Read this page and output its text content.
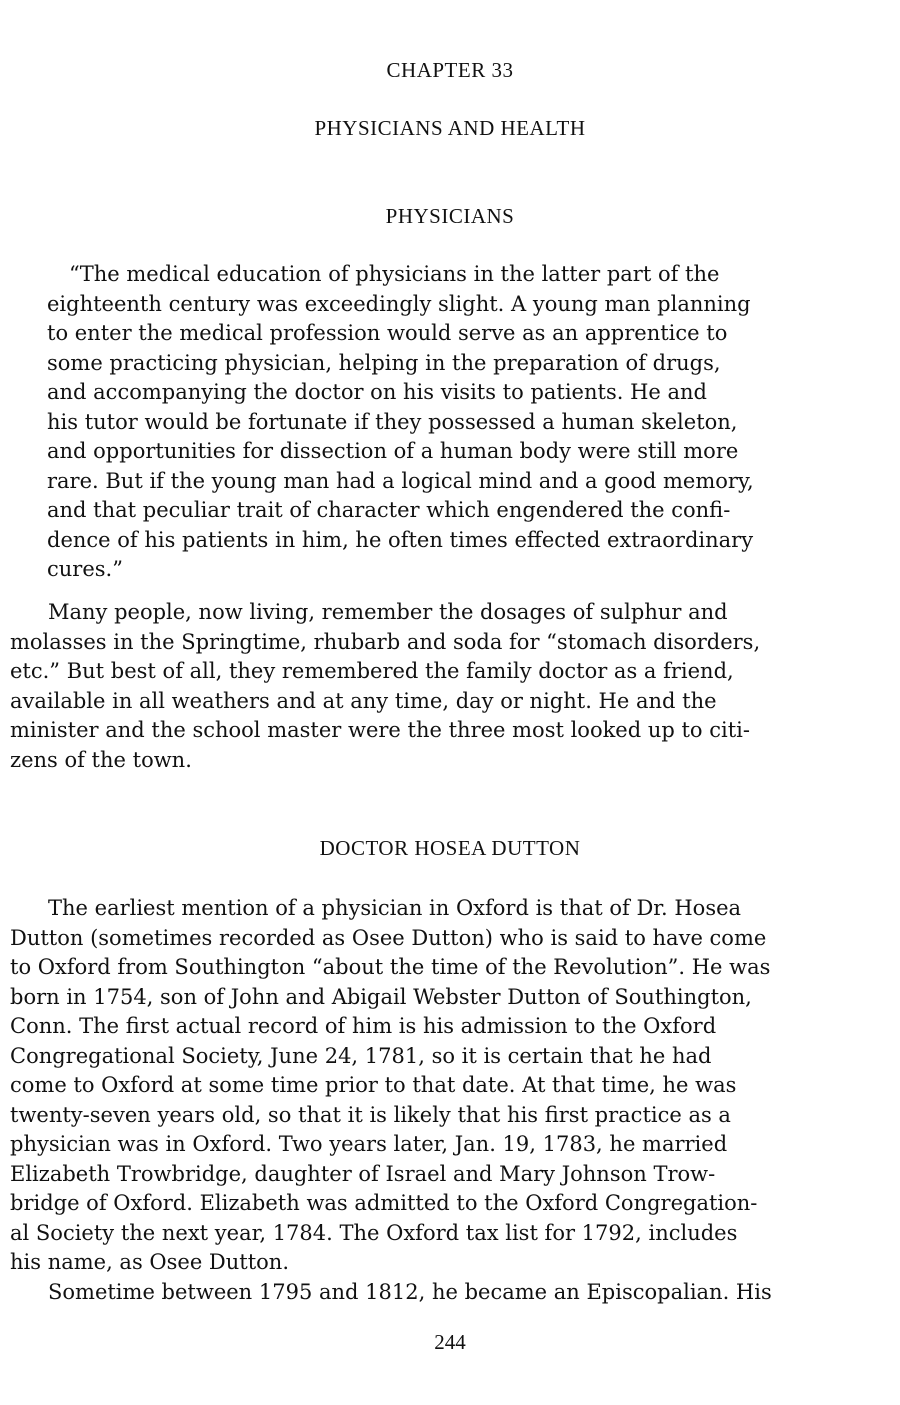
CHAPTER 33
PHYSICIANS AND HEALTH
PHYSICIANS
“The medical education of physicians in the latter part of the
eighteenth century was exceedingly slight. A young man planning
to enter the medical profession would serve as an apprentice to
some practicing physician, helping in the preparation of drugs,
and accompanying the doctor on his visits to patients. He and
his tutor would be fortunate if they possessed a human skeleton,
and opportunities for dissection of a human body were still more
rare. But if the young man had a logical mind and a good memory,
and that peculiar trait of character which engendered the confi-
dence of his patients in him, he often times effected extraordinary
cures.”
Many people, now living, remember the dosages of sulphur and
molasses in the Springtime, rhubarb and soda for “stomach disorders,
etc.” But best of all, they remembered the family doctor as a friend,
available in all weathers and at any time, day or night. He and the
minister and the school master were the three most looked up to citi-
zens of the town.
DOCTOR HOSEA DUTTON
The earliest mention of a physician in Oxford is that of Dr. Hosea
Dutton (sometimes recorded as Osee Dutton) who is said to have come
to Oxford from Southington “about the time of the Revolution”. He was
born in 1754, son of John and Abigail Webster Dutton of Southington,
Conn. The first actual record of him is his admission to the Oxford
Congregational Society, June 24, 1781, so it is certain that he had
come to Oxford at some time prior to that date. At that time, he was
twenty-seven years old, so that it is likely that his first practice as a
physician was in Oxford. Two years later, Jan. 19, 1783, he married
Elizabeth Trowbridge, daughter of Israel and Mary Johnson Trow-
bridge of Oxford. Elizabeth was admitted to the Oxford Congregation-
al Society the next year, 1784. The Oxford tax list for 1792, includes
his name, as Osee Dutton.
Sometime between 1795 and 1812, he became an Episcopalian. His
244
